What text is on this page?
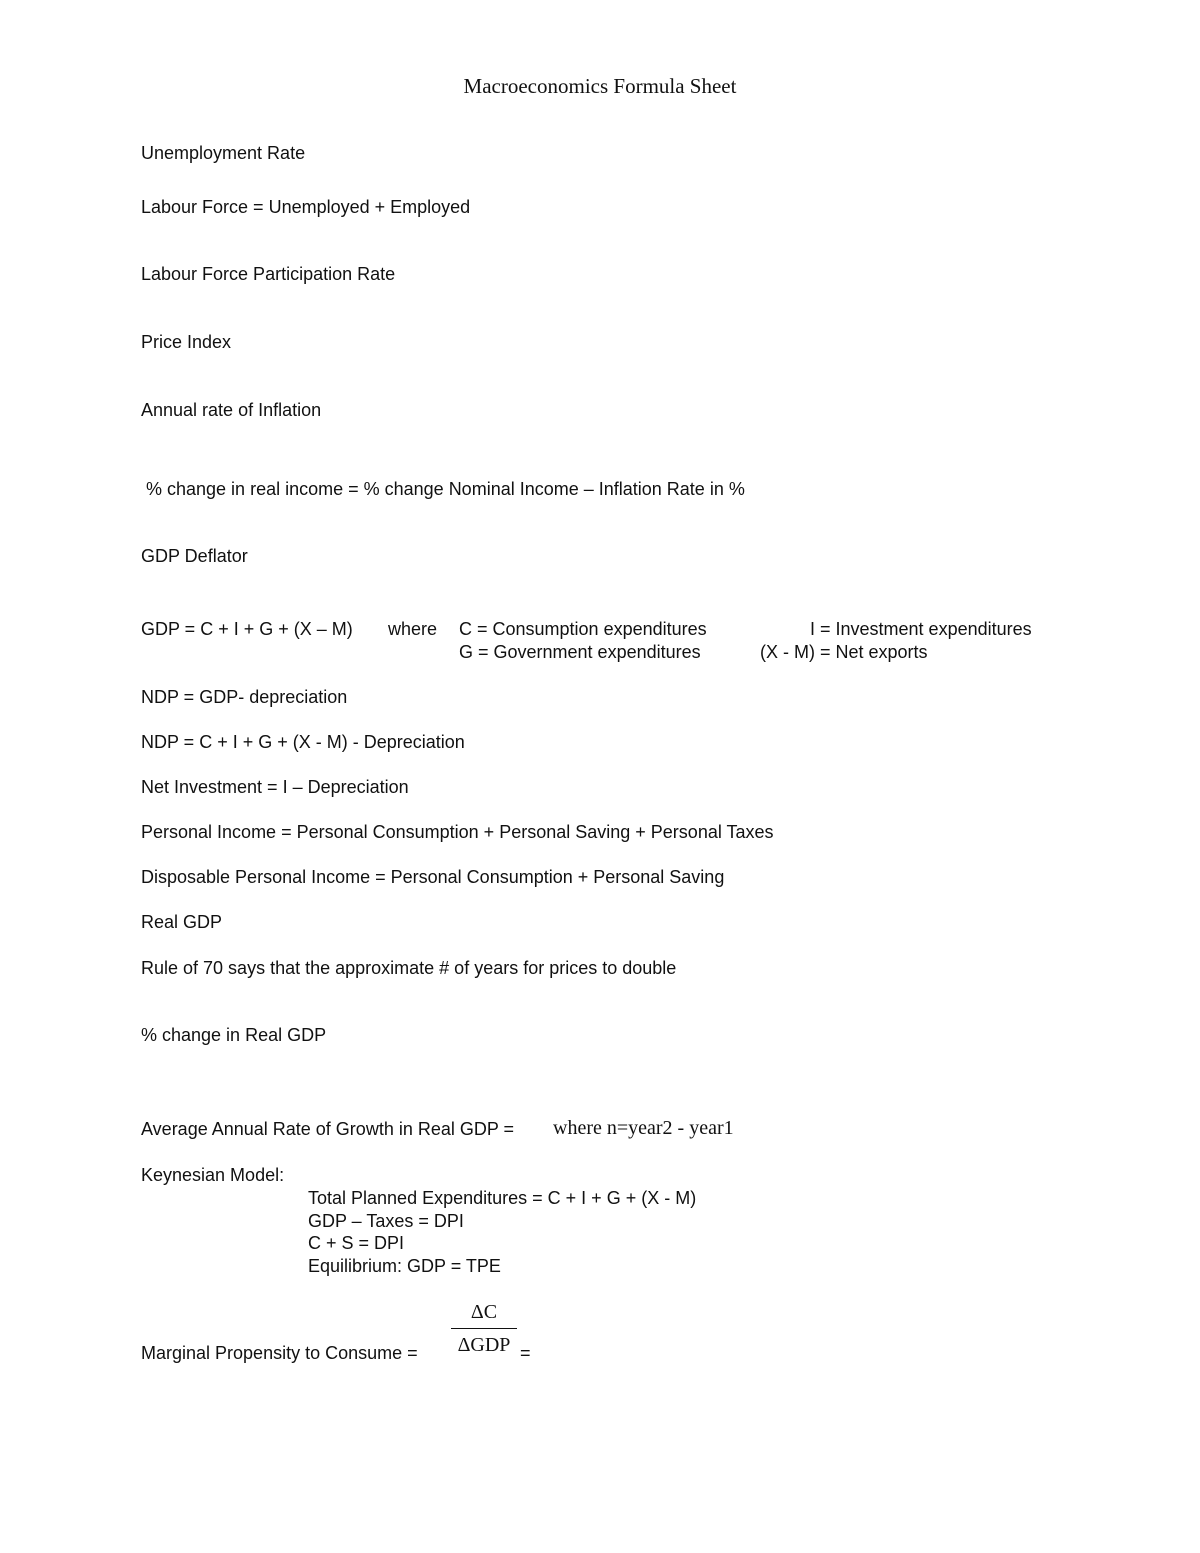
Macroeconomics Formula Sheet
Unemployment Rate
Labour Force = Unemployed + Employed
Labour Force Participation Rate
Price Index
Annual rate of Inflation
% change in real income = % change Nominal Income – Inflation Rate in %
GDP Deflator
GDP = C + I + G + (X – M) where C = Consumption expenditures	I = Investment expenditures
G = Government expenditures	(X - M) = Net exports
NDP = GDP- depreciation
NDP = C + I + G + (X - M) - Depreciation
Net Investment = I – Depreciation
Personal Income = Personal Consumption + Personal Saving + Personal Taxes
Disposable Personal Income = Personal Consumption + Personal Saving
Real GDP
Rule of 70 says that the approximate # of years for prices to double
% change in Real GDP
Average Annual Rate of Growth in Real GDP = where n=year2 - year1
Keynesian Model:
Total Planned Expenditures = C + I + G + (X - M)
GDP – Taxes = DPI
C + S = DPI
Equilibrium: GDP = TPE
Marginal Propensity to Consume =
ΔC
ΔGDP =
